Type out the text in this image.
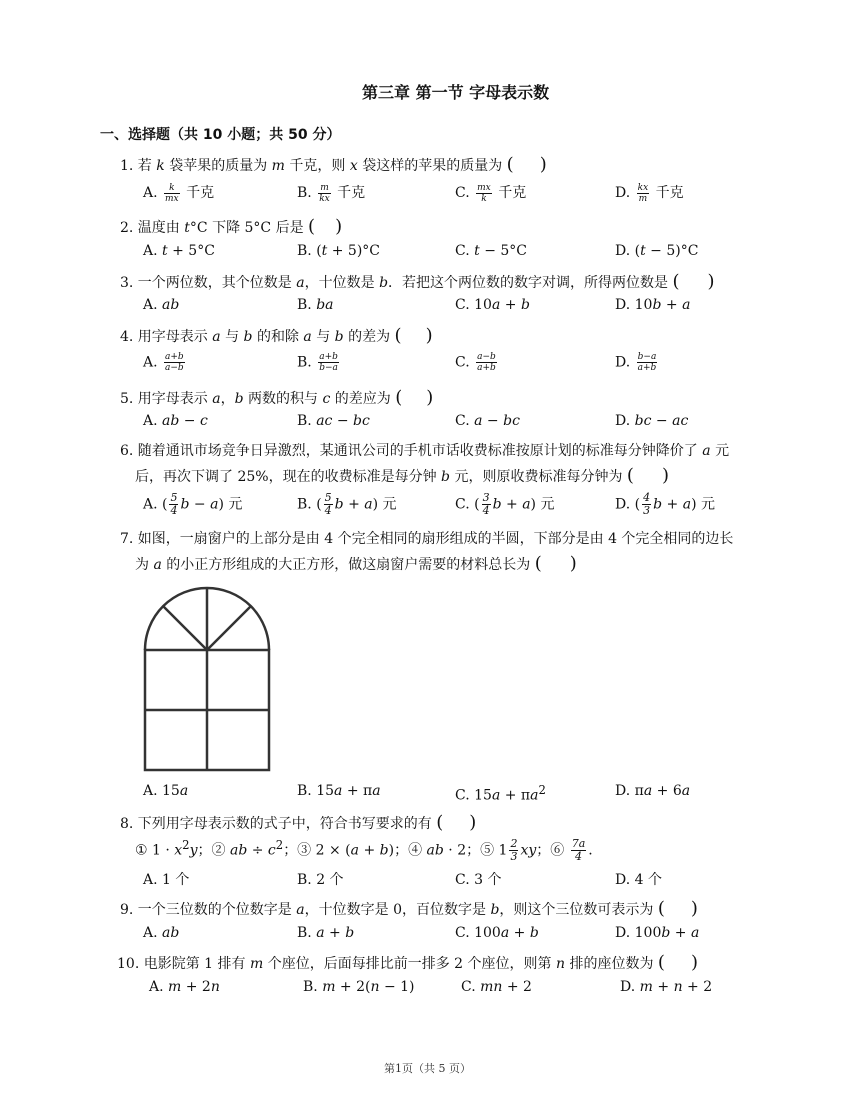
第三章 第一节 字母表示数
一、选择题（共 10 小题；共 50 分）
1. 若 k 袋苹果的质量为 m 千克，则 x 袋这样的苹果的质量为 ( )
A. $\frac{k}{mx}$ 千克	B. $\frac{m}{kx}$ 千克	C. $\frac{mx}{k}$ 千克	D. $\frac{kx}{m}$ 千克
2. 温度由 t°C 下降 5°C 后是 ( )
A. t + 5°C	B. (t + 5)°C	C. t − 5°C	D. (t − 5)°C
3. 一个两位数，其个位数是 a，十位数是 b．若把这个两位数的数字对调，所得两位数是 ( )
A. ab	B. ba	C. 10a + b	D. 10b + a
4. 用字母表示 a 与 b 的和除 a 与 b 的差为 ( )
A. $\frac{a+b}{a-b}$	B. $\frac{a+b}{b-a}$	C. $\frac{a-b}{a+b}$	D. $\frac{b-a}{a+b}$
5. 用字母表示 a，b 两数的积与 c 的差应为 ( )
A. ab − c	B. ac − bc	C. a − bc	D. bc − ac
6. 随着通讯市场竞争日异激烈，某通讯公司的手机市话收费标准按原计划的标准每分钟降价了 a 元
后，再次下调了 25%，现在的收费标准是每分钟 b 元，则原收费标准每分钟为 ( )
A. ( $\frac{5}{4}$ b − a) 元	B. ( $\frac{5}{4}$ b + a) 元	C. ( $\frac{3}{4}$ b + a) 元	D. ( $\frac{4}{3}$ b + a) 元
7. 如图，一扇窗户的上部分是由 4 个完全相同的扇形组成的半圆，下部分是由 4 个完全相同的边长
为 a 的小正方形组成的大正方形，做这扇窗户需要的材料总长为 ( )
A. 15a	B. 15a + πa	C. $15a + \pi a^2$	D. πa + 6a
8. 下列用字母表示数的式子中，符合书写要求的有 ( )
① $1 \cdot x^2y$；② ab ÷ $c^2$；③ 2 × (a + b)；④ ab · 2；⑤ $1 \frac{2}{3}$ xy；⑥ $\frac{7a}{4}$ .
A. 1 个	B. 2 个	C. 3 个	D. 4 个
9. 一个三位数的个位数字是 a，十位数字是 0，百位数字是 b，则这个三位数可表示为 ( )
A. ab	B. a + b	C. 100a + b	D. 100b + a
10. 电影院第 1 排有 m 个座位，后面每排比前一排多 2 个座位，则第 n 排的座位数为 ( )
A. m + 2n	B. m + 2(n − 1)	C. mn + 2	D. m + n + 2
第1页（共 5 页）
